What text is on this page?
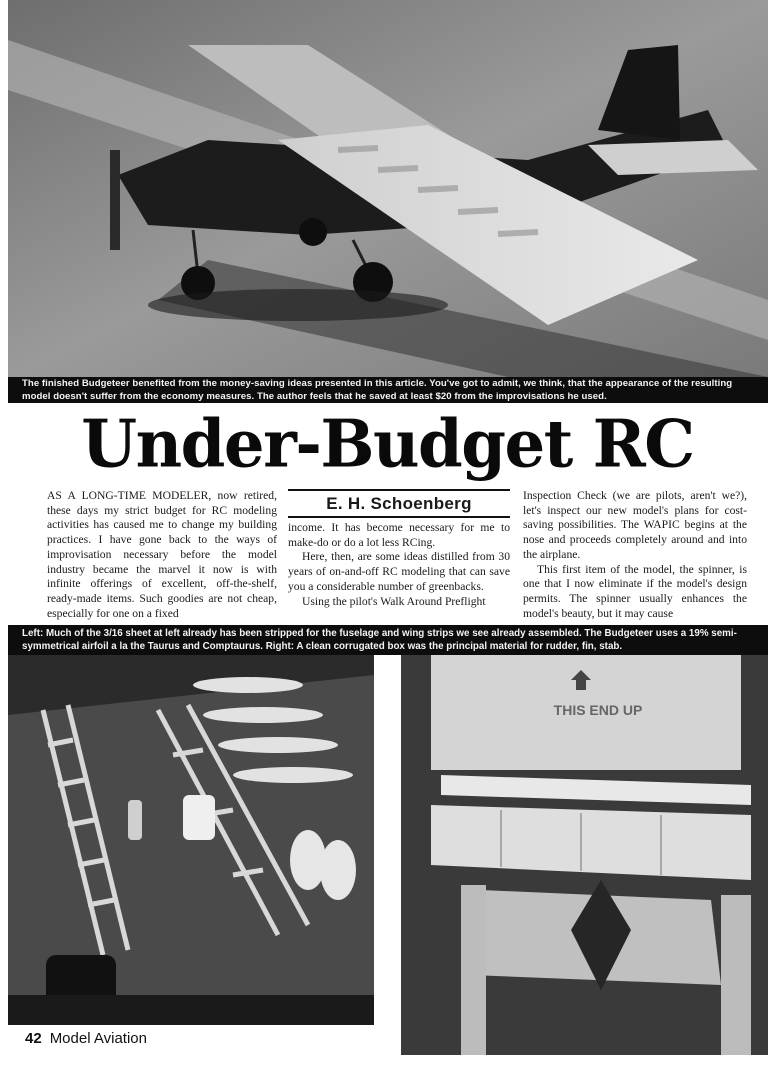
The finished Budgeteer benefited from the money-saving ideas presented in this article. You've got to admit, we think, that the appearance of the resulting model doesn't suffer from the economy measures. The author feels that he saved at least $20 from the improvisations he used.
Under-Budget RC

AS A LONG-TIME MODELER, now retired, these days my strict budget for RC modeling activities has caused me to change my building practices. I have gone back to the ways of improvisation necessary before the model industry became the marvel it now is with infinite offerings of excellent, off-the-shelf, ready-made items. Such goodies are not cheap, especially for one on a fixed

E. H. Schoenberg

income. It has become necessary for me to make-do or do a lot less RCing.

Here, then, are some ideas distilled from 30 years of on-and-off RC modeling that can save you a considerable number of greenbacks.

Using the pilot's Walk Around Preflight

Inspection Check (we are pilots, aren't we?), let's inspect our new model's plans for cost-saving possibilities. The WAPIC begins at the nose and proceeds completely around and into the airplane.

This first item of the model, the spinner, is one that I now eliminate if the model's design permits. The spinner usually enhances the model's beauty, but it may cause

Left: Much of the 3/16 sheet at left already has been stripped for the fuselage and wing strips we see already assembled. The Budgeteer uses a 19% semi-symmetrical airfoil a la the Taurus and Comptaurus. Right: A clean corrugated box was the principal material for rudder, fin, stab.
THIS END UP
42 Model Aviation
